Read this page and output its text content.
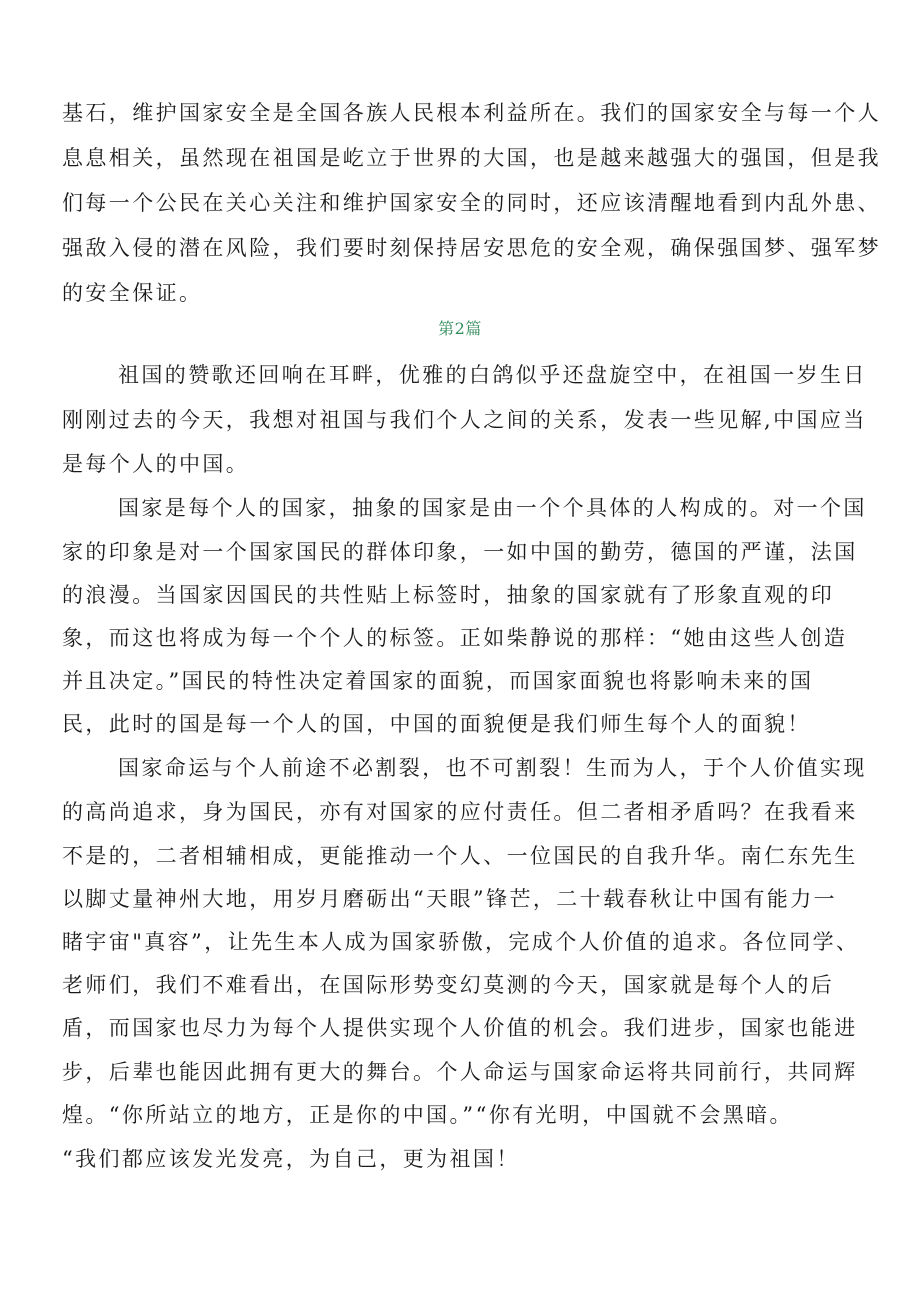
基石，维护国家安全是全国各族人民根本利益所在。我们的国家安全与每一个人
息息相关，虽然现在祖国是屹立于世界的大国，也是越来越强大的强国，但是我
们每一个公民在关心关注和维护国家安全的同时，还应该清醒地看到内乱外患、
强敌入侵的潜在风险，我们要时刻保持居安思危的安全观，确保强国梦、强军梦
的安全保证。
第2篇
祖国的赞歌还回响在耳畔，优雅的白鸽似乎还盘旋空中，在祖国一岁生日
刚刚过去的今天，我想对祖国与我们个人之间的关系，发表一些见解,中国应当
是每个人的中国。
国家是每个人的国家，抽象的国家是由一个个具体的人构成的。对一个国
家的印象是对一个国家国民的群体印象，一如中国的勤劳，德国的严谨，法国
的浪漫。当国家因国民的共性贴上标签时，抽象的国家就有了形象直观的印
象，而这也将成为每一个个人的标签。正如柴静说的那样：“她由这些人创造
并且决定。”国民的特性决定着国家的面貌，而国家面貌也将影响未来的国
民，此时的国是每一个人的国，中国的面貌便是我们师生每个人的面貌！
国家命运与个人前途不必割裂，也不可割裂！生而为人，于个人价值实现
的高尚追求，身为国民，亦有对国家的应付责任。但二者相矛盾吗？在我看来
不是的，二者相辅相成，更能推动一个人、一位国民的自我升华。南仁东先生
以脚丈量神州大地，用岁月磨砺出“天眼”锋芒，二十载春秋让中国有能力一
睹宇宙"真容”，让先生本人成为国家骄傲，完成个人价值的追求。各位同学、
老师们，我们不难看出，在国际形势变幻莫测的今天，国家就是每个人的后
盾，而国家也尽力为每个人提供实现个人价值的机会。我们进步，国家也能进
步，后辈也能因此拥有更大的舞台。个人命运与国家命运将共同前行，共同辉
煌。“你所站立的地方，正是你的中国。”“你有光明，中国就不会黑暗。
“我们都应该发光发亮，为自己，更为祖国！
